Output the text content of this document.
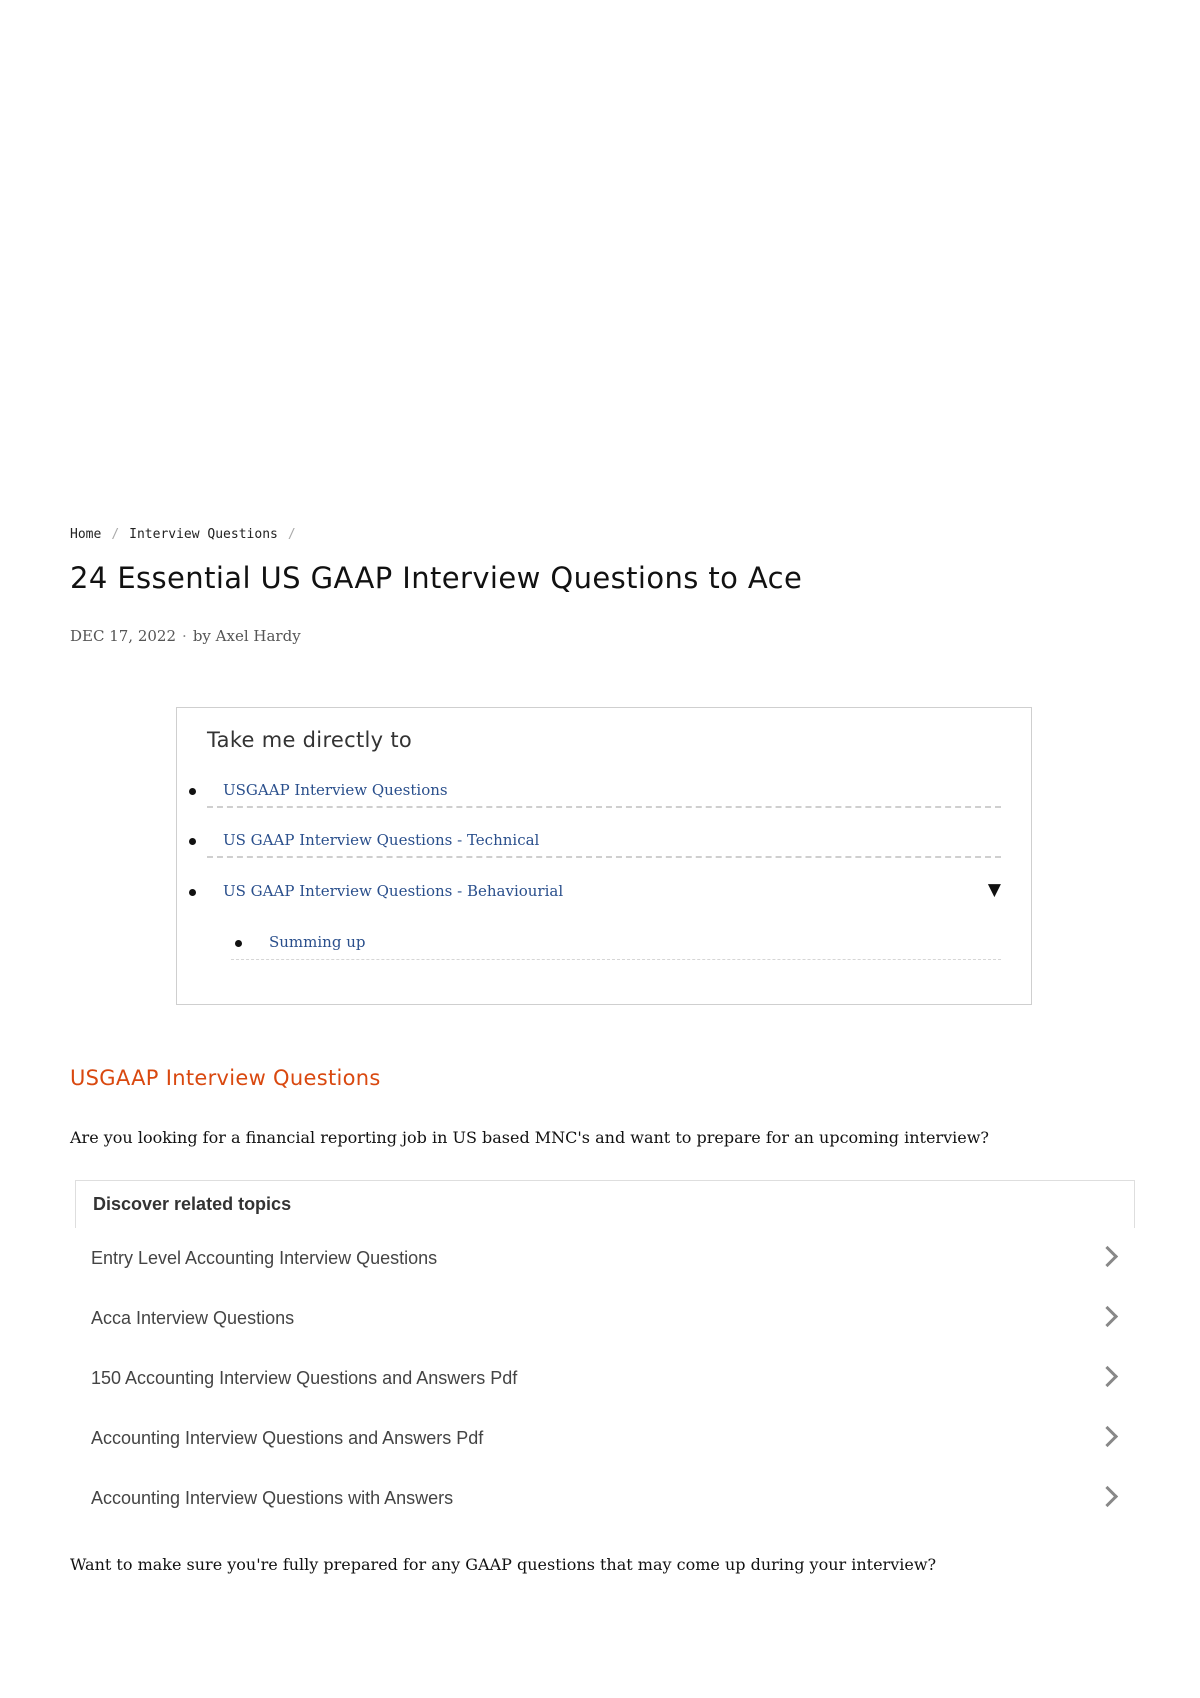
Home / Interview Questions /
24 Essential US GAAP Interview Questions to Ace
DEC 17, 2022 · by Axel Hardy
Take me directly to
USGAAP Interview Questions
US GAAP Interview Questions - Technical
US GAAP Interview Questions - Behaviourial	▼
Summing up
USGAAP Interview Questions

Are you looking for a financial reporting job in US based MNC's and want to prepare for an upcoming interview?

Discover related topics
Entry Level Accounting Interview Questions
Acca Interview Questions
150 Accounting Interview Questions and Answers Pdf
Accounting Interview Questions and Answers Pdf
Accounting Interview Questions with Answers

Want to make sure you're fully prepared for any GAAP questions that may come up during your interview?
